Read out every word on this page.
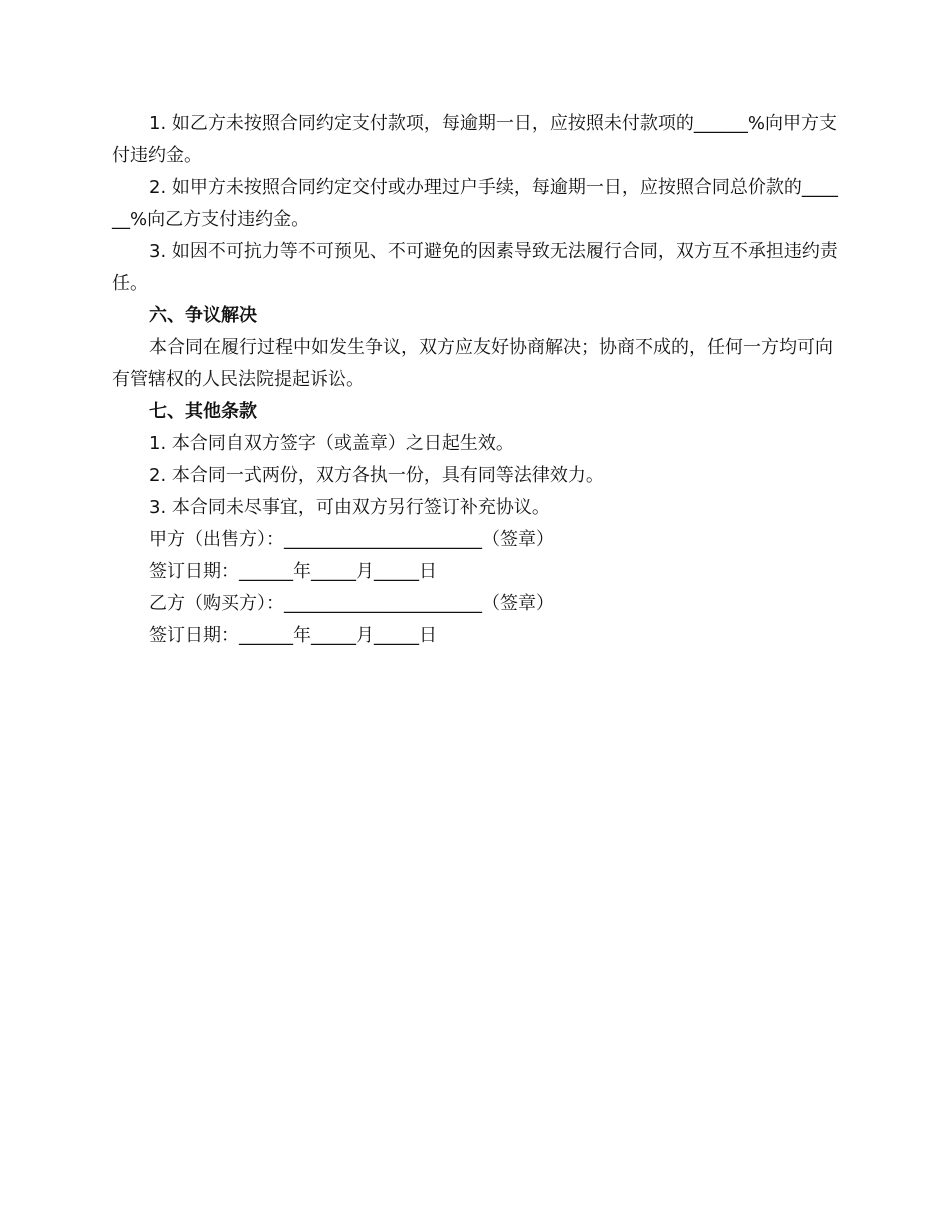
1. 如乙方未按照合同约定支付款项，每逾期一日，应按照未付款项的______%向甲方支付违约金。

2. 如甲方未按照合同约定交付或办理过户手续，每逾期一日，应按照合同总价款的______%向乙方支付违约金。

3. 如因不可抗力等不可预见、不可避免的因素导致无法履行合同，双方互不承担违约责任。

六、争议解决

本合同在履行过程中如发生争议，双方应友好协商解决；协商不成的，任何一方均可向有管辖权的人民法院提起诉讼。

七、其他条款

1. 本合同自双方签字（或盖章）之日起生效。

2. 本合同一式两份，双方各执一份，具有同等法律效力。

3. 本合同未尽事宜，可由双方另行签订补充协议。

甲方（出售方）：______________________（签章）

签订日期：______年_____月_____日

乙方（购买方）：______________________（签章）

签订日期：______年_____月_____日
